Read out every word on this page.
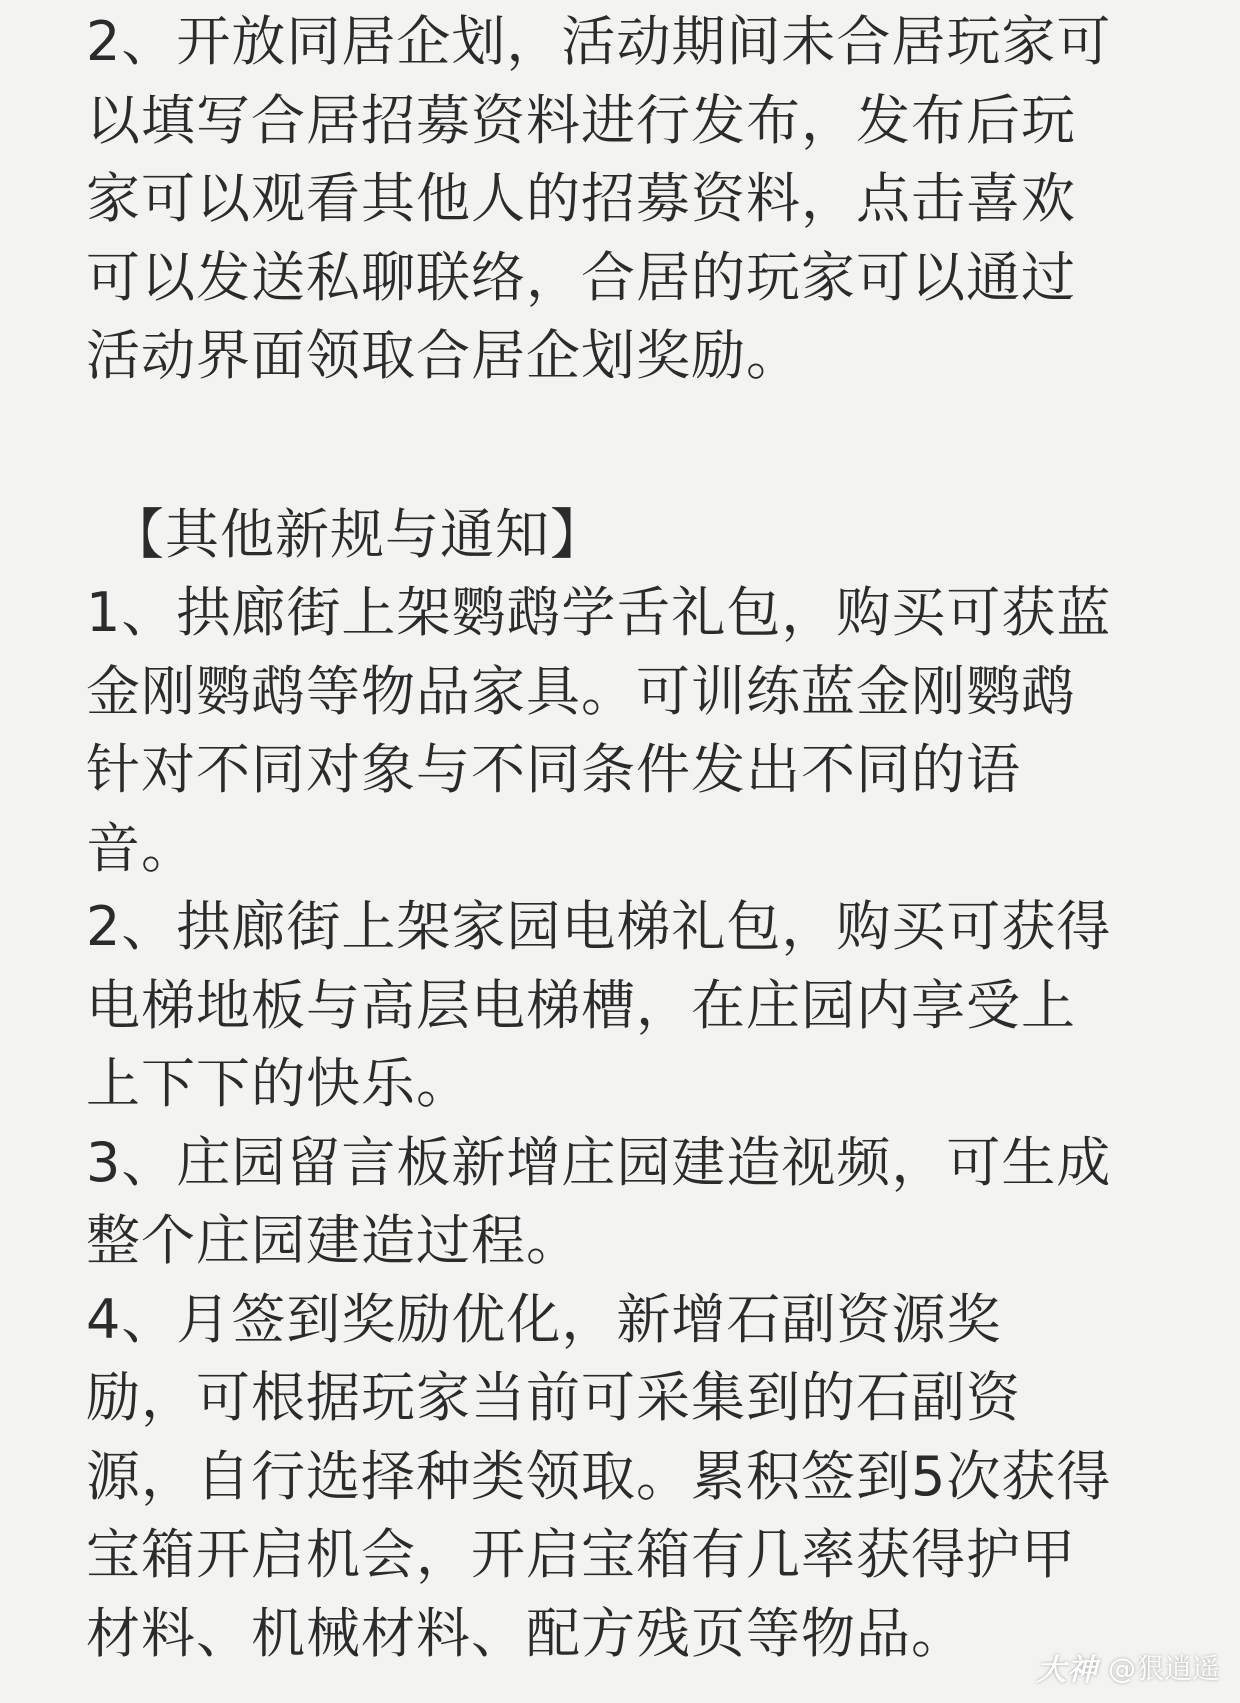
2、开放同居企划，活动期间未合居玩家可
以填写合居招募资料进行发布，发布后玩
家可以观看其他人的招募资料，点击喜欢
可以发送私聊联络，合居的玩家可以通过
活动界面领取合居企划奖励。
【其他新规与通知】
1、拱廊街上架鹦鹉学舌礼包，购买可获蓝
金刚鹦鹉等物品家具。可训练蓝金刚鹦鹉
针对不同对象与不同条件发出不同的语
音。
2、拱廊街上架家园电梯礼包，购买可获得
电梯地板与高层电梯槽，在庄园内享受上
上下下的快乐。
3、庄园留言板新增庄园建造视频，可生成
整个庄园建造过程。
4、月签到奖励优化，新增石副资源奖
励，可根据玩家当前可采集到的石副资
源，自行选择种类领取。累积签到5次获得
宝箱开启机会，开启宝箱有几率获得护甲
材料、机械材料、配方残页等物品。
大神 @狠逍遥
